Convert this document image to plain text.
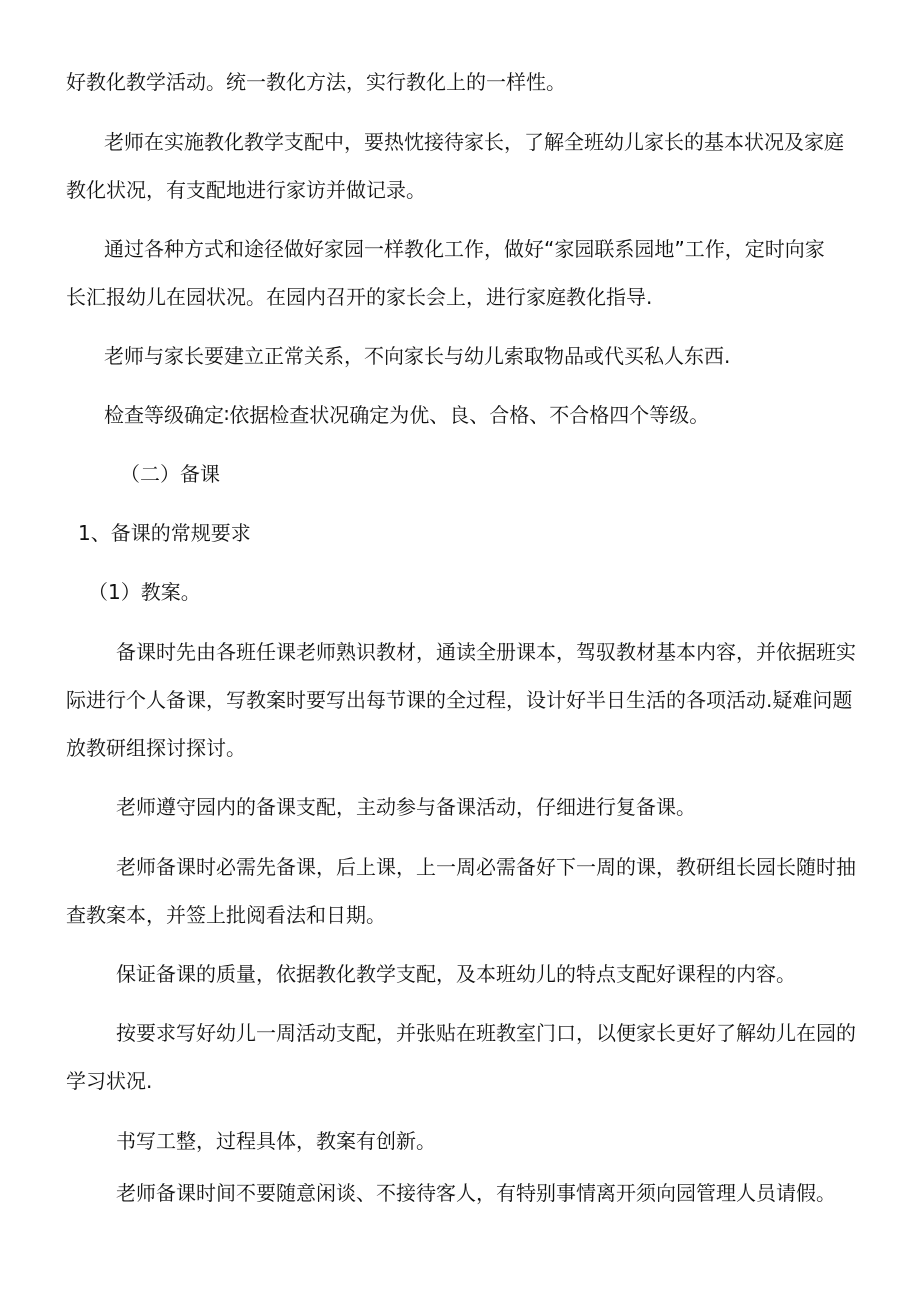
好教化教学活动。统一教化方法，实行教化上的一样性。
老师在实施教化教学支配中，要热忱接待家长，了解全班幼儿家长的基本状况及家庭
教化状况，有支配地进行家访并做记录。
通过各种方式和途径做好家园一样教化工作，做好“家园联系园地”工作，定时向家
长汇报幼儿在园状况。在园内召开的家长会上，进行家庭教化指导.
老师与家长要建立正常关系，不向家长与幼儿索取物品或代买私人东西.
检查等级确定∶依据检查状况确定为优、良、合格、不合格四个等级。
（二）备课
1、备课的常规要求
（1）教案。
备课时先由各班任课老师熟识教材，通读全册课本，驾驭教材基本内容，并依据班实
际进行个人备课，写教案时要写出每节课的全过程，设计好半日生活的各项活动.疑难问题
放教研组探讨探讨。
老师遵守园内的备课支配，主动参与备课活动，仔细进行复备课。
老师备课时必需先备课，后上课，上一周必需备好下一周的课，教研组长园长随时抽
查教案本，并签上批阅看法和日期。
保证备课的质量，依据教化教学支配，及本班幼儿的特点支配好课程的内容。
按要求写好幼儿一周活动支配，并张贴在班教室门口，以便家长更好了解幼儿在园的
学习状况.
书写工整，过程具体，教案有创新。
老师备课时间不要随意闲谈、不接待客人，有特别事情离开须向园管理人员请假。
